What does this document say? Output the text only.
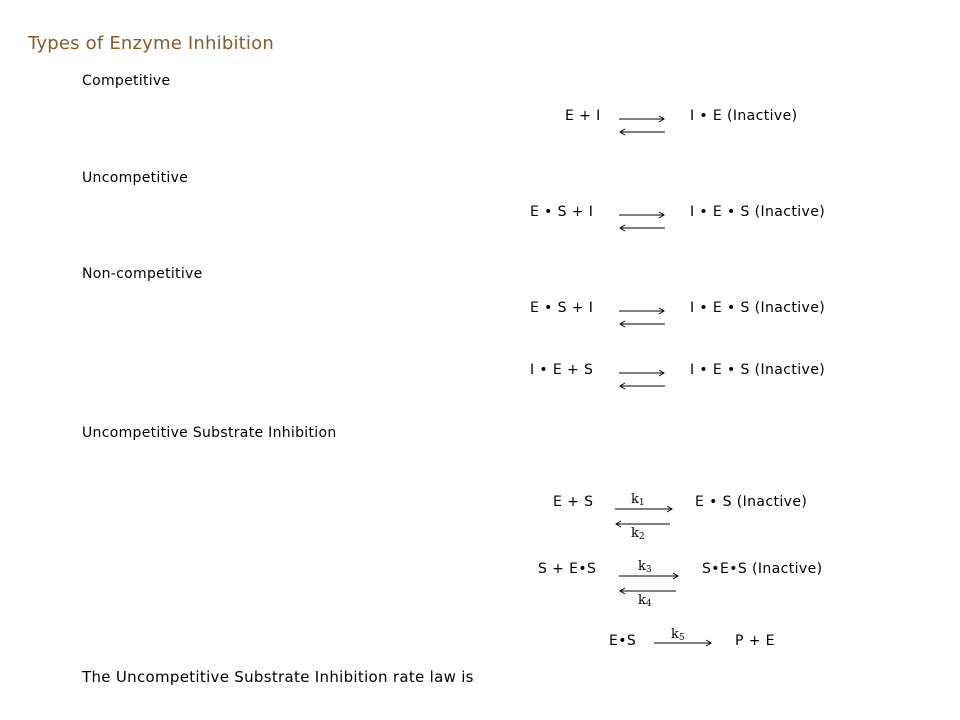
Types of Enzyme Inhibition
Competitive
Uncompetitive
Non-competitive
Uncompetitive Substrate Inhibition
E + I ⇌ I • E (Inactive)
E • S + I ⇌ I • E • S (Inactive)
E • S + I ⇌ I • E • S (Inactive)
I • E + S ⇌ I • E • S (Inactive)
E + S	$k_1$
$k_2$
E • S (Inactive)
S + E•S	$k_3$
$k_4$
S•E•S (Inactive)
E•S	$k_5$	P + E
The Uncompetitive Substrate Inhibition rate law is
